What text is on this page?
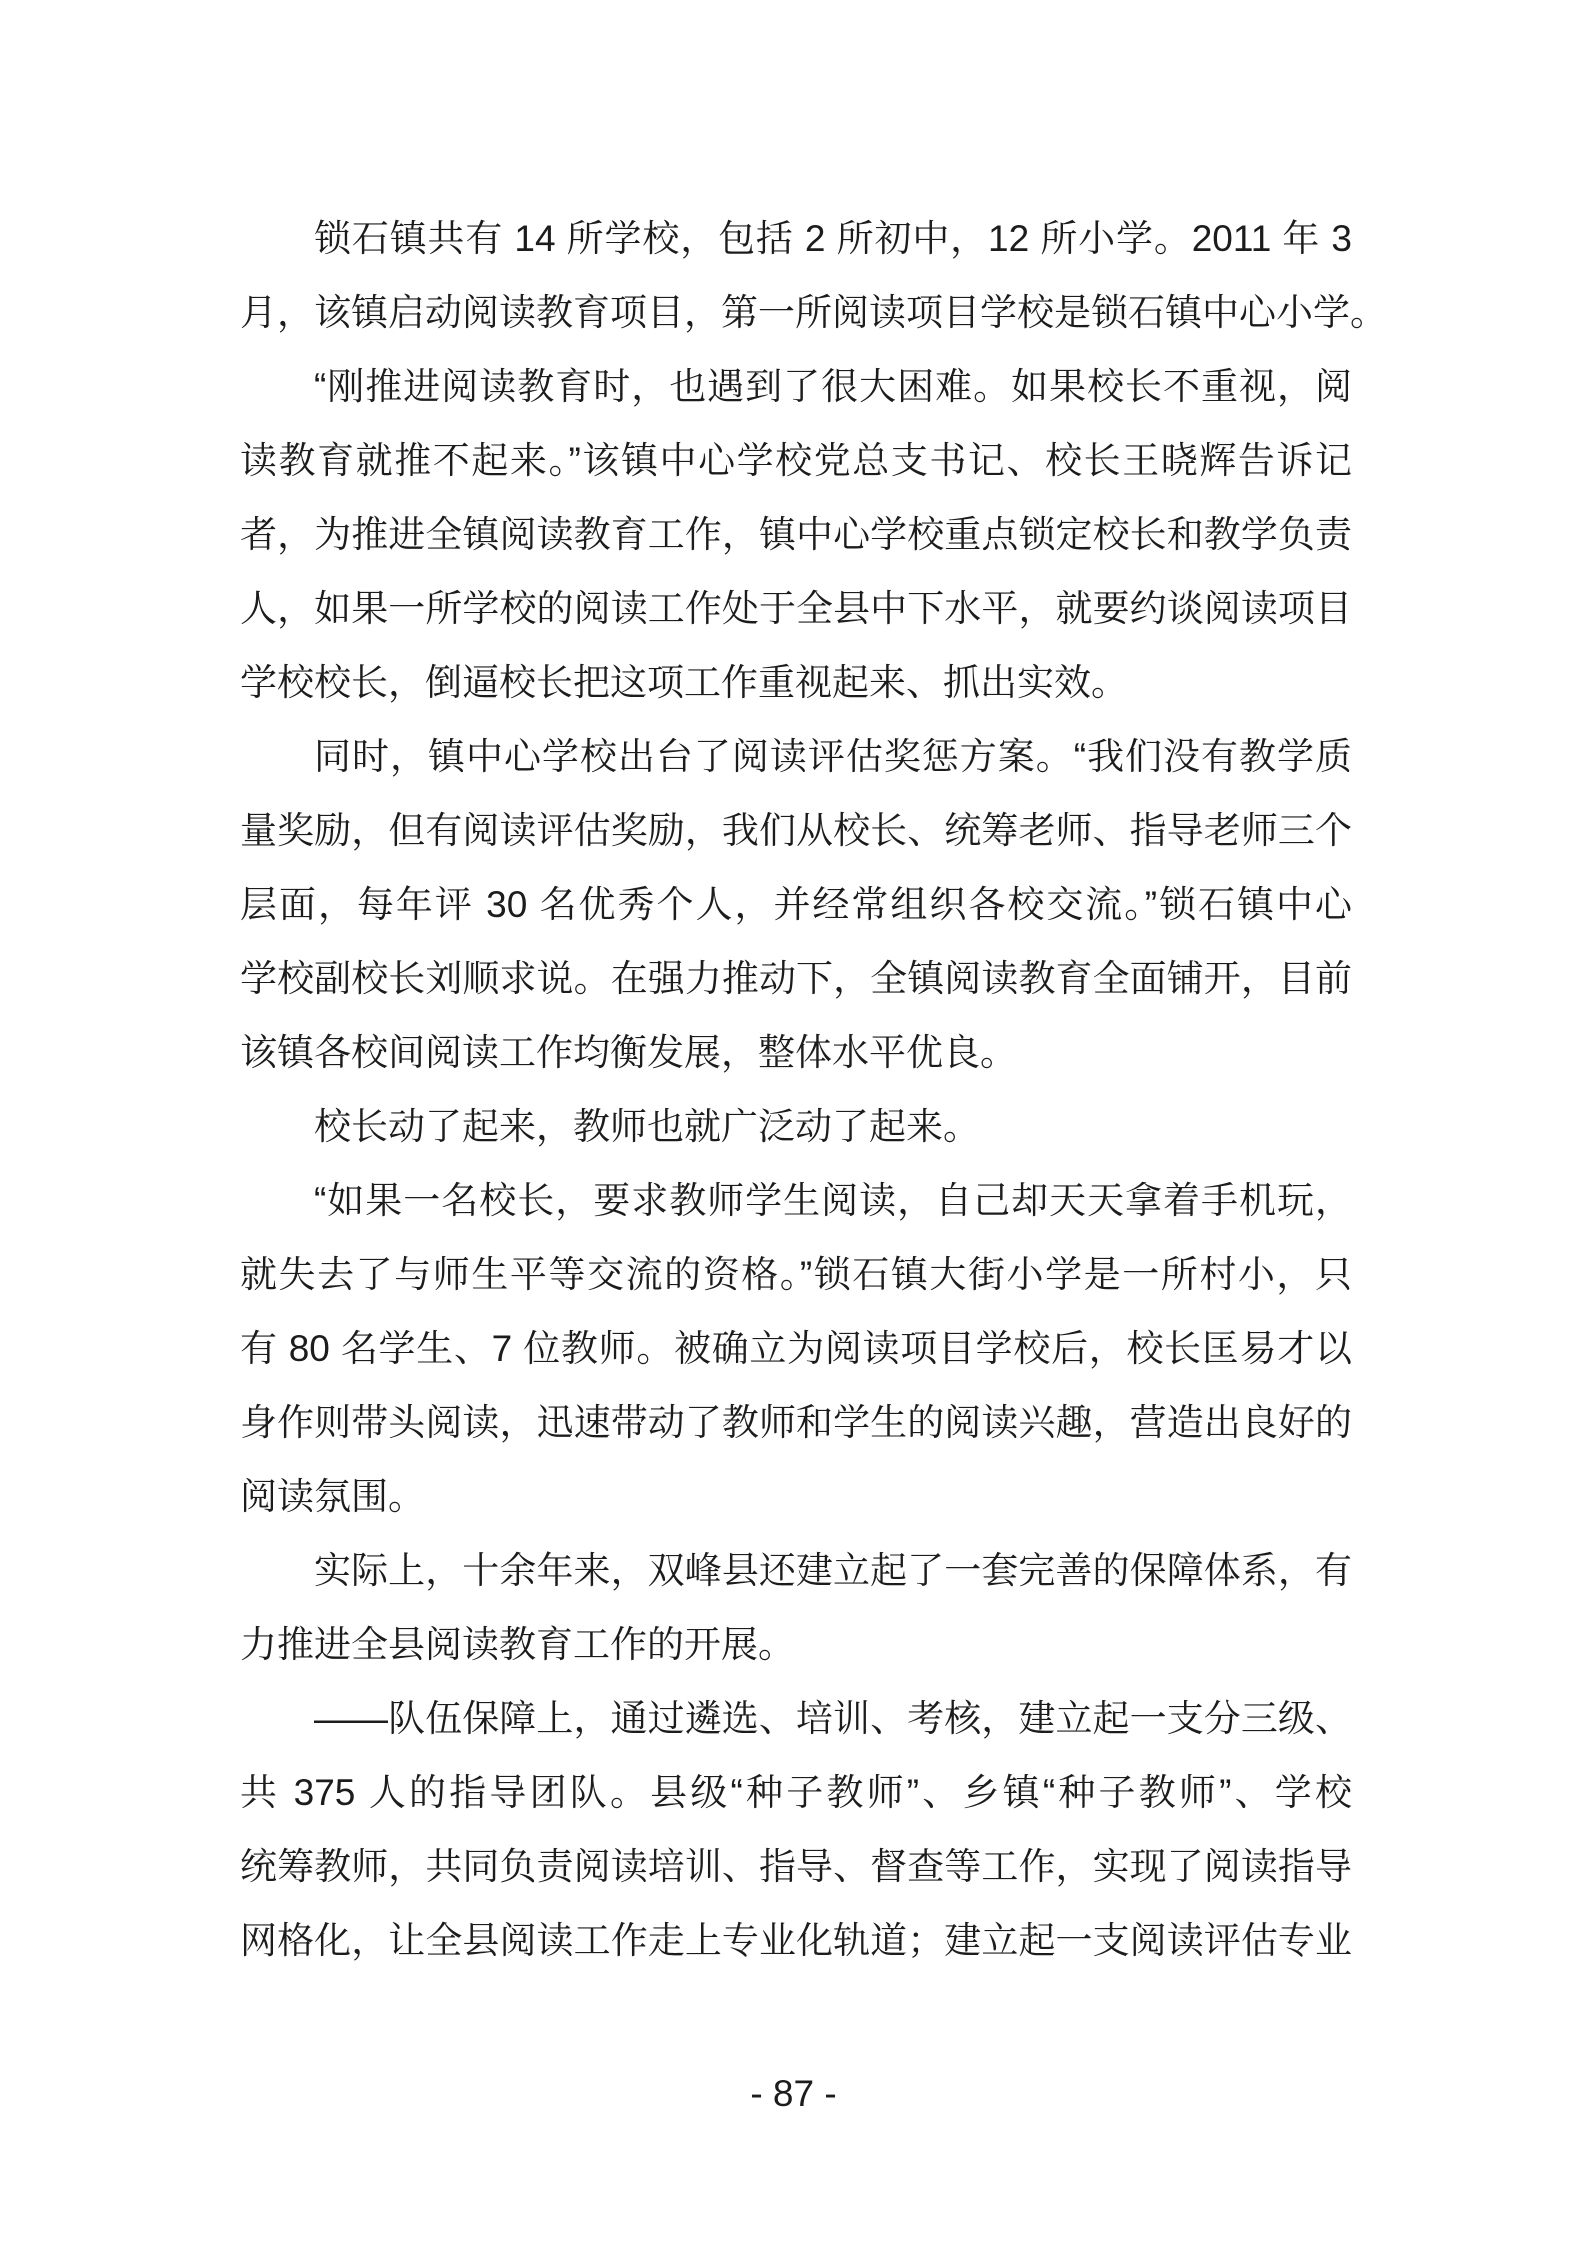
锁石镇共有 14 所学校，包括 2 所初中，12 所小学。2011 年 3
月，该镇启动阅读教育项目，第一所阅读项目学校是锁石镇中心小学。
“刚推进阅读教育时，也遇到了很大困难。如果校长不重视，阅
读教育就推不起来。”该镇中心学校党总支书记、校长王晓辉告诉记
者，为推进全镇阅读教育工作，镇中心学校重点锁定校长和教学负责
人，如果一所学校的阅读工作处于全县中下水平，就要约谈阅读项目
学校校长，倒逼校长把这项工作重视起来、抓出实效。
同时，镇中心学校出台了阅读评估奖惩方案。“我们没有教学质
量奖励，但有阅读评估奖励，我们从校长、统筹老师、指导老师三个
层面，每年评 30 名优秀个人，并经常组织各校交流。”锁石镇中心
学校副校长刘顺求说。在强力推动下，全镇阅读教育全面铺开，目前
该镇各校间阅读工作均衡发展，整体水平优良。
校长动了起来，教师也就广泛动了起来。
“如果一名校长，要求教师学生阅读，自己却天天拿着手机玩，
就失去了与师生平等交流的资格。”锁石镇大街小学是一所村小，只
有 80 名学生、7 位教师。被确立为阅读项目学校后，校长匡易才以
身作则带头阅读，迅速带动了教师和学生的阅读兴趣，营造出良好的
阅读氛围。
实际上，十余年来，双峰县还建立起了一套完善的保障体系，有
力推进全县阅读教育工作的开展。
——队伍保障上，通过遴选、培训、考核，建立起一支分三级、
共 375 人的指导团队。县级“种子教师”、乡镇“种子教师”、学校
统筹教师，共同负责阅读培训、指导、督查等工作，实现了阅读指导
网格化，让全县阅读工作走上专业化轨道；建立起一支阅读评估专业
- 87 -
